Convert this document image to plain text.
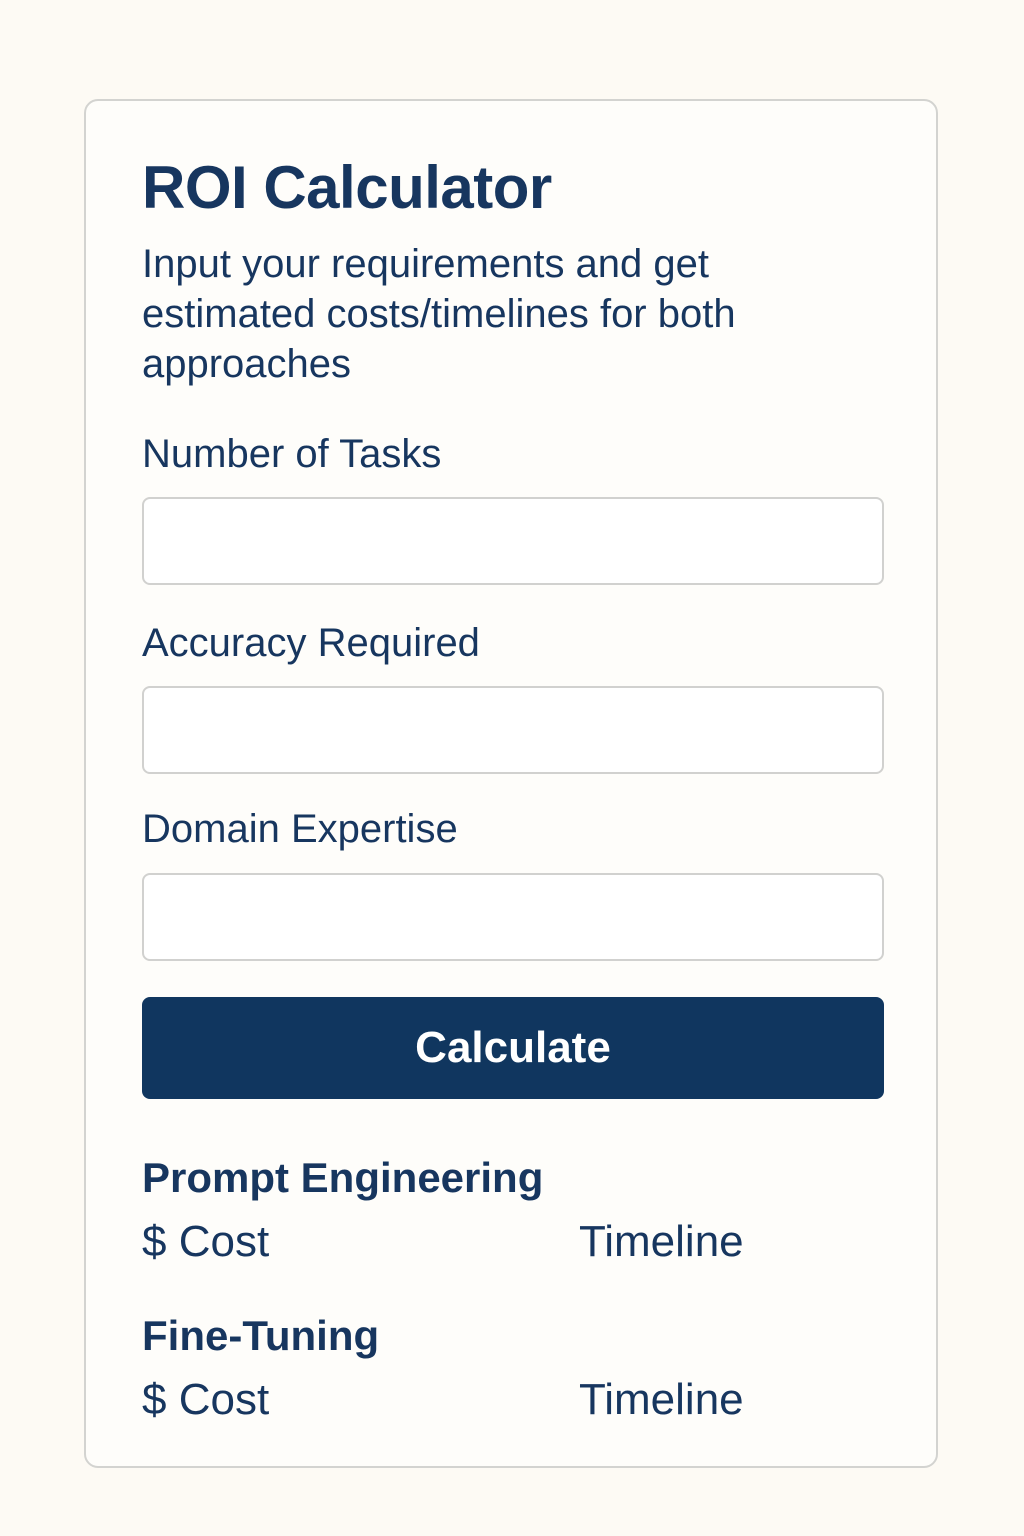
ROI Calculator

Input your requirements and get estimated costs/timelines for both approaches

Number of Tasks
Accuracy Required
Domain Expertise
Calculate
Prompt Engineering
$ Cost	Timeline
Fine-Tuning
$ Cost	Timeline
